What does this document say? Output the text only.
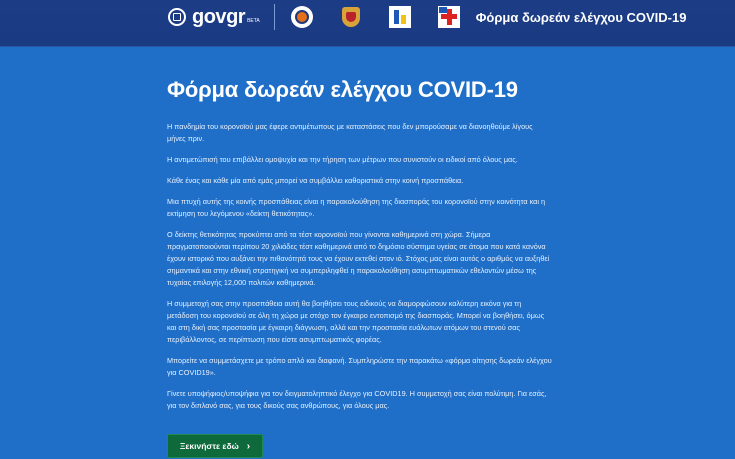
govgr BETA	Φόρμα δωρεάν ελέγχου COVID-19
Φόρμα δωρεάν ελέγχου COVID-19

Η πανδημία του κορονοϊού μας έφερε αντιμέτωπους με καταστάσεις που δεν μπορούσαμε να διανοηθούμε λίγους μήνες πριν.

Η αντιμετώπισή του επιβάλλει ομοψυχία και την τήρηση των μέτρων που συνιστούν οι ειδικοί από όλους μας.

Κάθε ένας και κάθε μία από εμάς μπορεί να συμβάλλει καθοριστικά στην κοινή προσπάθεια.

Μια πτυχή αυτής της κοινής προσπάθειας είναι η παρακολούθηση της διασποράς του κορονοϊού στην κοινότητα και η εκτίμηση του λεγόμενου «δείκτη θετικότητας».

Ο δείκτης θετικότητας προκύπτει από τα τέστ κορονοϊού που γίνονται καθημερινά στη χώρα. Σήμερα πραγματοποιούνται περίπου 20 χιλιάδες τέστ καθημερινά από το δημόσιο σύστημα υγείας σε άτομα που κατά κανόνα έχουν ιστορικό που αυξάνει την πιθανότητά τους να έχουν εκτεθεί στον ιό. Στόχος μας είναι αυτός ο αριθμός να αυξηθεί σημαντικά και στην εθνική στρατηγική να συμπεριληφθεί η παρακολούθηση ασυμπτωματικών εθελοντών μέσω της τυχαίας επιλογής 12,000 πολιτών καθημερινά.

Η συμμετοχή σας στην προσπάθεια αυτή θα βοηθήσει τους ειδικούς να διαμορφώσουν καλύτερη εικόνα για τη μετάδοση του κορονοϊού σε όλη τη χώρα με στόχο τον έγκαιρο εντοπισμό της διασποράς. Μπορεί να βοηθήσει, όμως και στη δική σας προστασία με έγκαιρη διάγνωση, αλλά και την προστασία ευάλωτων ατόμων του στενού σας περιβάλλοντος, σε περίπτωση που είστε ασυμπτωματικός φορέας.

Μπορείτε να συμμετάσχετε με τρόπο απλό και διαφανή. Συμπληρώστε την παρακάτω «φόρμα αίτησης δωρεάν ελέγχου για COVID19».

Γίνετε υποψήφιος/υποψήφια για τον δειγματοληπτικό έλεγχο για COVID19. Η συμμετοχή σας είναι πολύτιμη. Για εσάς, για τον διπλανό σας, για τους δικούς σας ανθρώπους, για όλους μας.

Ξεκινήστε εδώ ›
